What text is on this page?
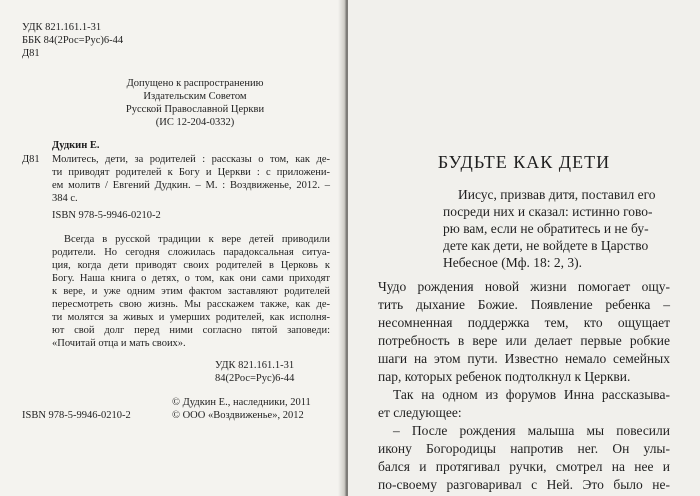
УДК 821.161.1-31
ББК 84(2Рос=Рус)6-44
Д81
Допущено к распространению
Издательским Советом
Русской Православной Церкви
(ИС 12-204-0332)
Дудкин Е.
Д81 Молитесь, дети, за родителей : рассказы о том, как де-
ти приводят родителей к Богу и Церкви : с приложени-
ем молитв / Евгений Дудкин. – М. : Воздвиженье, 2012. –
384 с.
ISBN 978-5-9946-0210-2
Всегда в русской традиции к вере детей приводили
родители. Но сегодня сложилась парадоксальная ситуа-
ция, когда дети приводят своих родителей в Церковь к
Богу. Наша книга о детях, о том, как они сами приходят
к вере, и уже одним этим фактом заставляют родителей
пересмотреть свою жизнь. Мы расскажем также, как де-
ти молятся за живых и умерших родителей, как исполня-
ют свой долг перед ними согласно пятой заповеди:
«Почитай отца и мать своих».
УДК 821.161.1-31
84(2Рос=Рус)6-44
© Дудкин Е., наследники, 2011
ISBN 978-5-9946-0210-2	© ООО «Воздвиженье», 2012
БУДЬТЕ КАК ДЕТИ
Иисус, призвав дитя, поставил его
посреди них и сказал: истинно гово-
рю вам, если не обратитесь и не бу-
дете как дети, не войдете в Царство
Небесное (Мф. 18: 2, 3).
Чудо рождения новой жизни помогает ощу-
тить дыхание Божие. Появление ребенка –
несомненная поддержка тем, кто ощущает
потребность в вере или делает первые робкие
шаги на этом пути. Известно немало семейных
пар, которых ребенок подтолкнул к Церкви.
Так на одном из форумов Инна рассказыва-
ет следующее:
– После рождения малыша мы повесили
икону Богородицы напротив нег. Он улы-
бался и протягивал ручки, смотрел на нее и
по-своему разговаривал с Ней. Это было не-
